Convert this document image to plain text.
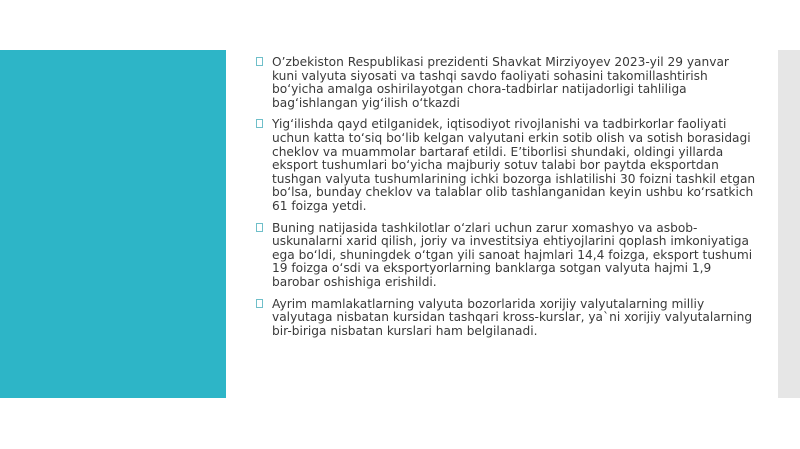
O’zbekiston Respublikasi prezidenti Shavkat Mirziyoyev 2023-yil 29 yanvar kuni valyuta siyosati va tashqi savdo faoliyati sohasini takomillashtirish bo‘yicha amalga oshirilayotgan chora-tadbirlar natijadorligi tahliliga bag‘ishlangan yig‘ilish o‘tkazdi
Yig‘ilishda qayd etilganidek, iqtisodiyot rivojlanishi va tadbirkorlar faoliyati uchun katta to‘siq bo‘lib kelgan valyutani erkin sotib olish va sotish borasidagi cheklov va muammolar bartaraf etildi. E’tiborlisi shundaki, oldingi yillarda eksport tushumlari bo‘yicha majburiy sotuv talabi bor paytda eksportdan tushgan valyuta tushumlarining ichki bozorga ishlatilishi 30 foizni tashkil etgan bo‘lsa, bunday cheklov va talablar olib tashlanganidan keyin ushbu ko‘rsatkich 61 foizga yetdi.
Buning natijasida tashkilotlar o‘zlari uchun zarur xomashyo va asbob-uskunalarni xarid qilish, joriy va investitsiya ehtiyojlarini qoplash imkoniyatiga ega bo‘ldi, shuningdek o‘tgan yili sanoat hajmlari 14,4 foizga, eksport tushumi 19 foizga o‘sdi va eksportyorlarning banklarga sotgan valyuta hajmi 1,9 barobar oshishiga erishildi.
Ayrim mamlakatlarning valyuta bozorlarida xorijiy valyutalarning milliy valyutaga nisbatan kursidan tashqari kross-kurslar, ya`ni xorijiy valyutalarning bir-biriga nisbatan kurslari ham belgilanadi.
